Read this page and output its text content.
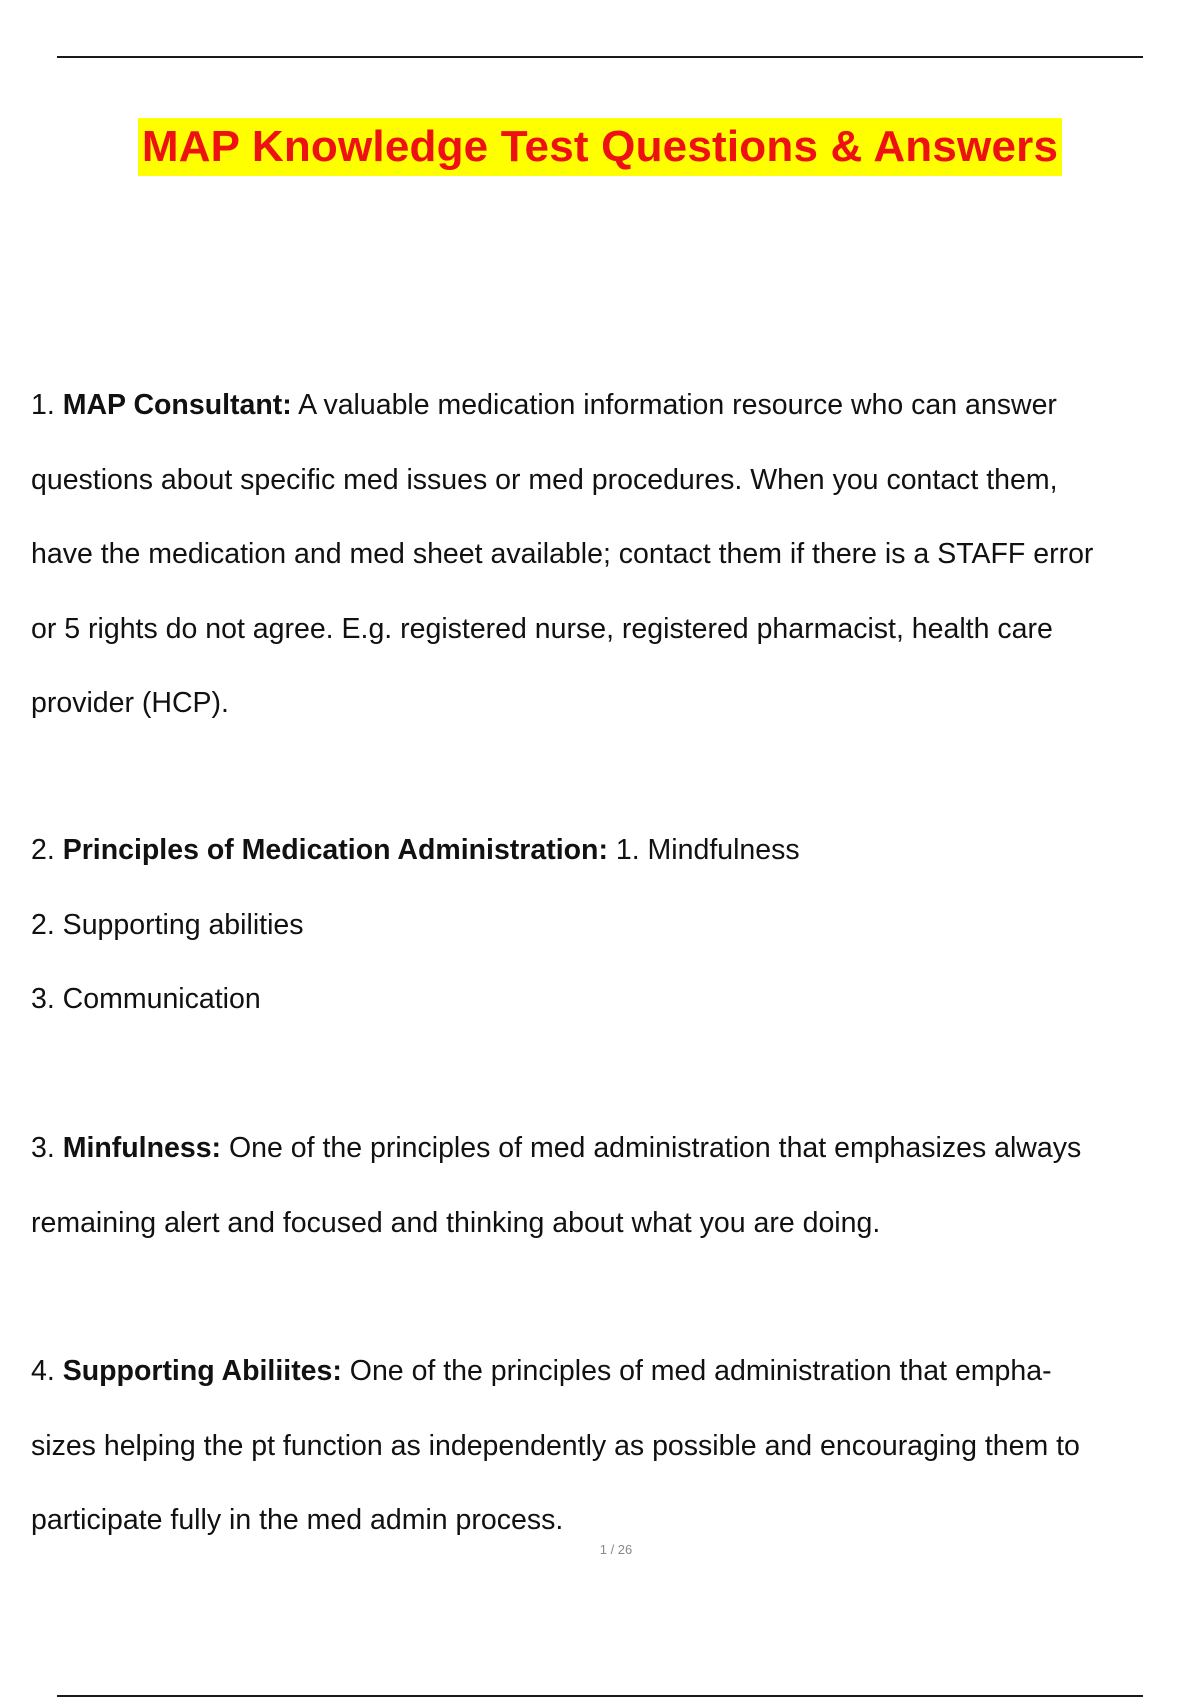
MAP Knowledge Test Questions & Answers
1. MAP Consultant: A valuable medication information resource who can answer
questions about specific med issues or med procedures. When you contact them,
have the medication and med sheet available; contact them if there is a STAFF error
or 5 rights do not agree. E.g. registered nurse, registered pharmacist, health care
provider (HCP).
2. Principles of Medication Administration: 1. Mindfulness
2. Supporting abilities
3. Communication
3. Minfulness: One of the principles of med administration that emphasizes always
remaining alert and focused and thinking about what you are doing.
4. Supporting Abiliites: One of the principles of med administration that empha-
sizes helping the pt function as independently as possible and encouraging them to
participate fully in the med admin process.
1 / 26
